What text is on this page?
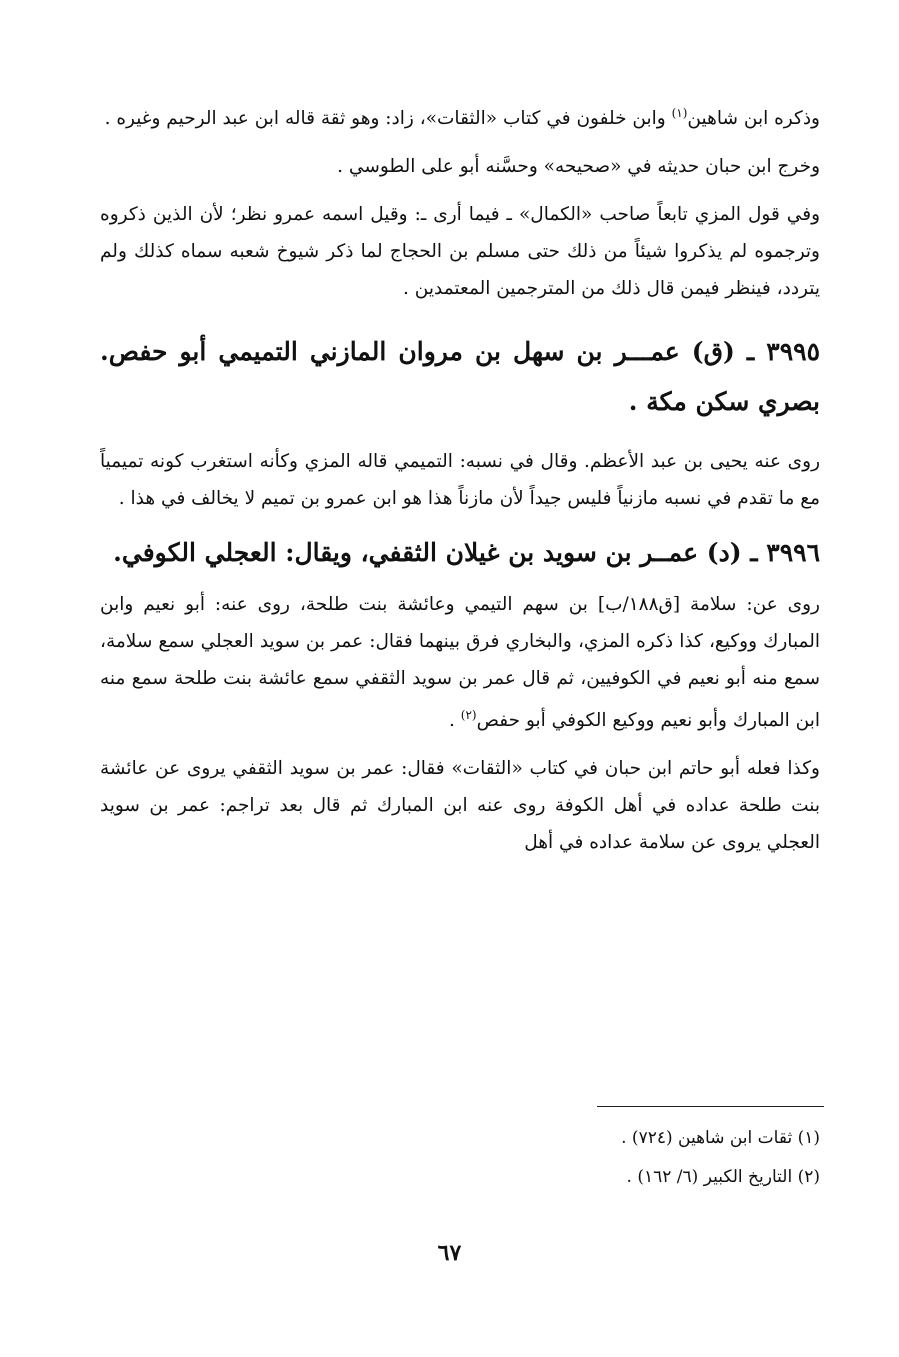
وذكره ابن شاهين$^{(١)}$ وابن خلفون في كتاب «الثقات»، زاد: وهو ثقة قاله ابن عبد الرحيم وغيره .

وخرج ابن حبان حديثه في «صحيحه» وحسَّنه أبو على الطوسي .

وفي قول المزي تابعاً صاحب «الكمال» ـ فيما أرى ـ: وقيل اسمه عمرو نظر؛ لأن الذين ذكروه وترجموه لم يذكروا شيئاً من ذلك حتى مسلم بن الحجاج لما ذكر شيوخ شعبه سماه كذلك ولم يتردد، فينظر فيمن قال ذلك من المترجمين المعتمدين .

٣٩٩٥ ـ (ق) عمـــر بن سهل بن مروان المازني التميمي أبو حفص. بصري سكن مكة .

روى عنه يحيى بن عبد الأعظم. وقال في نسبه: التميمي قاله المزي وكأنه استغرب كونه تميمياً مع ما تقدم في نسبه مازنياً فليس جيداً لأن مازناً هذا هو ابن عمرو بن تميم لا يخالف في هذا .

٣٩٩٦ ـ (د) عمــر بن سويد بن غيلان الثقفي، ويقال: العجلي الكوفي.

روى عن: سلامة [ق١٨٨/ب] بن سهم التيمي وعائشة بنت طلحة، روى عنه: أبو نعيم وابن المبارك ووكيع، كذا ذكره المزي، والبخاري فرق بينهما فقال: عمر بن سويد العجلي سمع سلامة، سمع منه أبو نعيم في الكوفيين، ثم قال عمر بن سويد الثقفي سمع عائشة بنت طلحة سمع منه ابن المبارك وأبو نعيم ووكيع الكوفي أبو حفص$^{(٢)}$ .

وكذا فعله أبو حاتم ابن حبان في كتاب «الثقات» فقال: عمر بن سويد الثقفي يروى عن عائشة بنت طلحة عداده في أهل الكوفة روى عنه ابن المبارك ثم قال بعد تراجم: عمر بن سويد العجلي يروى عن سلامة عداده في أهل

(١) ثقات ابن شاهين (٧٢٤) .

(٢) التاريخ الكبير (٦/ ١٦٢) .

٦٧
